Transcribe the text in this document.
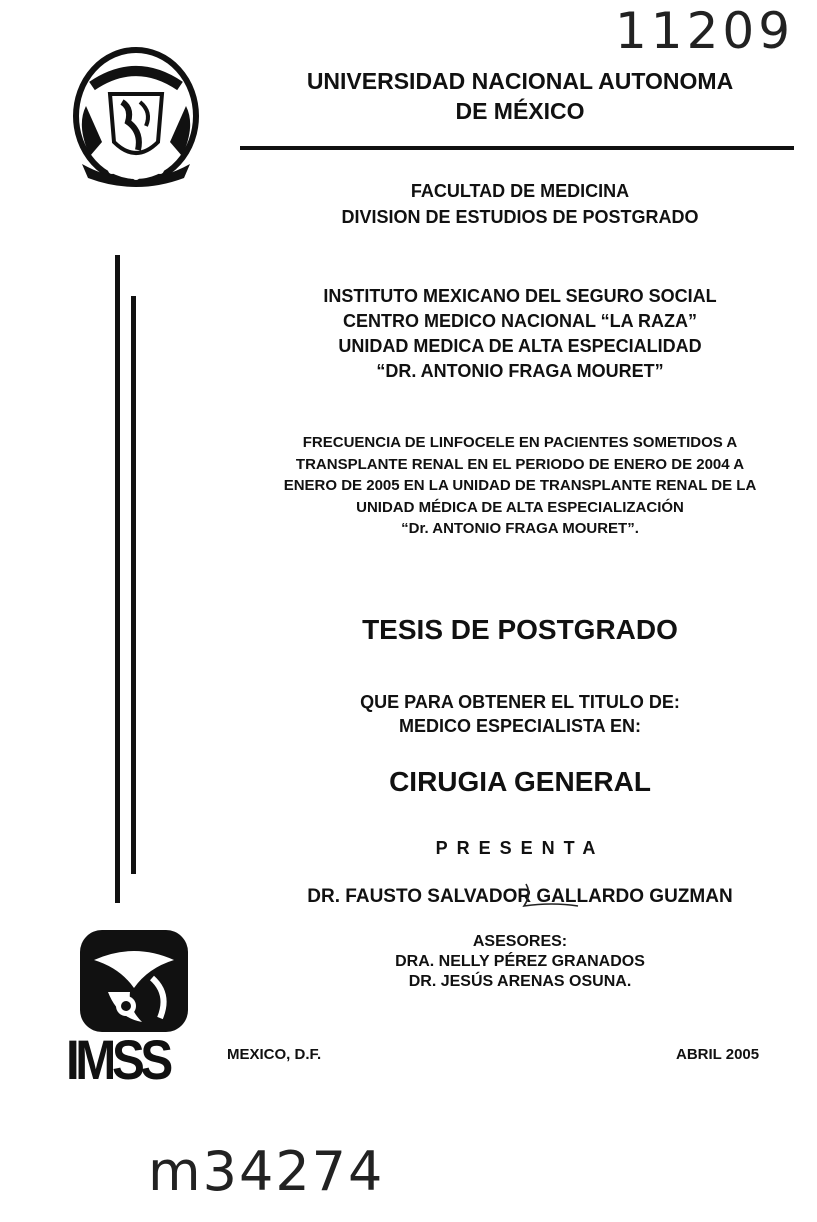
11209
UNIVERSIDAD NACIONAL AUTONOMA
DE MÉXICO
FACULTAD DE MEDICINA
DIVISION DE ESTUDIOS DE POSTGRADO
INSTITUTO MEXICANO DEL SEGURO SOCIAL
CENTRO MEDICO NACIONAL “LA RAZA”
UNIDAD MEDICA DE ALTA ESPECIALIDAD
“DR. ANTONIO FRAGA MOURET”
FRECUENCIA DE LINFOCELE EN PACIENTES SOMETIDOS A
TRANSPLANTE RENAL EN EL PERIODO DE ENERO DE 2004 A
ENERO DE 2005 EN LA UNIDAD DE TRANSPLANTE RENAL DE LA
UNIDAD MÉDICA DE ALTA ESPECIALIZACIÓN
“Dr. ANTONIO FRAGA MOURET”.
TESIS DE POSTGRADO
QUE PARA OBTENER EL TITULO DE:
MEDICO ESPECIALISTA EN:
CIRUGIA GENERAL
PRESENTA
DR. FAUSTO SALVADOR GALLARDO GUZMAN
ASESORES:
DRA. NELLY PÉREZ GRANADOS
DR. JESÚS ARENAS OSUNA.
IMSS	MEXICO, D.F.	ABRIL 2005
m34274
